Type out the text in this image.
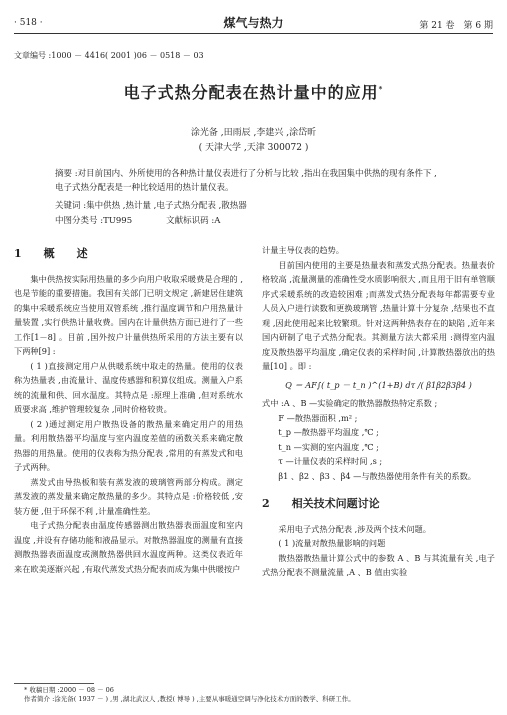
· 518 ·	煤气与热力	第 21 卷　第 6 期
文章编号 :1000 － 4416( 2001 )06 － 0518 － 03
电子式热分配表在热计量中的应用*
涂光备 ,田雨辰 ,李建兴 ,涂岱昕
( 天津大学 ,天津 300072 )
摘要 :对目前国内、外所使用的各种热计量仪表进行了分析与比较 ,指出在我国集中供热的现有条件下 ,电子式热分配表是一种比较适用的热计量仪表。
关键词 :集中供热 ,热计量 ,电子式热分配表 ,散热器
中图分类号 :TU995	文献标识码 :A
1 概　　述

集中供热按实际用热量的多少向用户收取采暖费是合理的 ,也是节能的重要措施。我国有关部门已明文规定 ,新建居住建筑的集中采暖系统应当使用双管系统 ,推行温度调节和户用热量计量装置 ,实行供热计量收费。国内在计量供热方面已进行了一些工作[1－8] 。目前 ,国外按户计量供热所采用的方法主要有以下两种[9] :

( 1 )直接测定用户从供暖系统中取走的热量。使用的仪表称为热量表 ,由流量计、温度传感器和积算仪组成。测量入户系统的流量和供、回水温度。其特点是 :原理上准确 ,但对系统水质要求高 ,维护管理较复杂 ,同时价格较贵。

( 2 )通过测定用户散热设备的散热量来确定用户的用热量。利用散热器平均温度与室内温度差值的函数关系来确定散热器的用热量。使用的仪表称为热分配表 ,常用的有蒸发式和电子式两种。

蒸发式由导热板和装有蒸发液的玻璃管两部分构成。测定蒸发液的蒸发量来确定散热量的多少。其特点是 :价格较低 ,安装方便 ,但于环保不利 ,计量准确性差。

电子式热分配表由温度传感器测出散热器表面温度和室内温度 ,并设有存储功能和液晶显示。对散热器温度的测量有直接测散热器表面温度或测散热器供回水温度两种。这类仪表近年来在欧美逐渐兴起 ,有取代蒸发式热分配表而成为集中供暖按户

计量主导仪表的趋势。

目前国内使用的主要是热量表和蒸发式热分配表。热量表价格较高 ,流量测量的准确性受水质影响很大 ,而且用于旧有单管顺序式采暖系统的改造较困难 ;而蒸发式热分配表每年都需要专业人员入户进行读数和更换玻璃管 ,热量计算十分复杂 ,结果也不直观 ,因此使用起来比较繁琐。针对这两种热表存在的缺陷 ,近年来国内研制了电子式热分配表。其测量方法大都采用 :测得室内温度及散热器平均温度 ,确定仪表的采样时间 ,计算散热器放出的热量[10] 。即 :

Q ＝ AF∫( t_p － t_n )^(1+B) dτ /( β1β2β3β4 )

式中 :A 、B —实验确定的散热器散热特定系数 ;

F —散热器面积 ,m² ;

t_p —散热器平均温度 ,℃ ;

t_n —实测的室内温度 ,℃ ;

τ —计量仪表的采样时间 ,s ;

β1 、β2 、β3 、β4 —与散热器使用条件有关的系数。

2 相关技术问题讨论

采用电子式热分配表 ,涉及两个技术问题。

( 1 )流量对散热量影响的问题

散热器散热量计算公式中的参数 A 、B 与其流量有关 ,电子式热分配表不测量流量 ,A 、B 值由实验

* 收稿日期 :2000 － 08 － 06
作者简介 :涂光备( 1937 － ) ,男 ,湖北武汉人 ,教授( 博导 ) ,主要从事暖通空调与净化技术方面的教学、科研工作。
